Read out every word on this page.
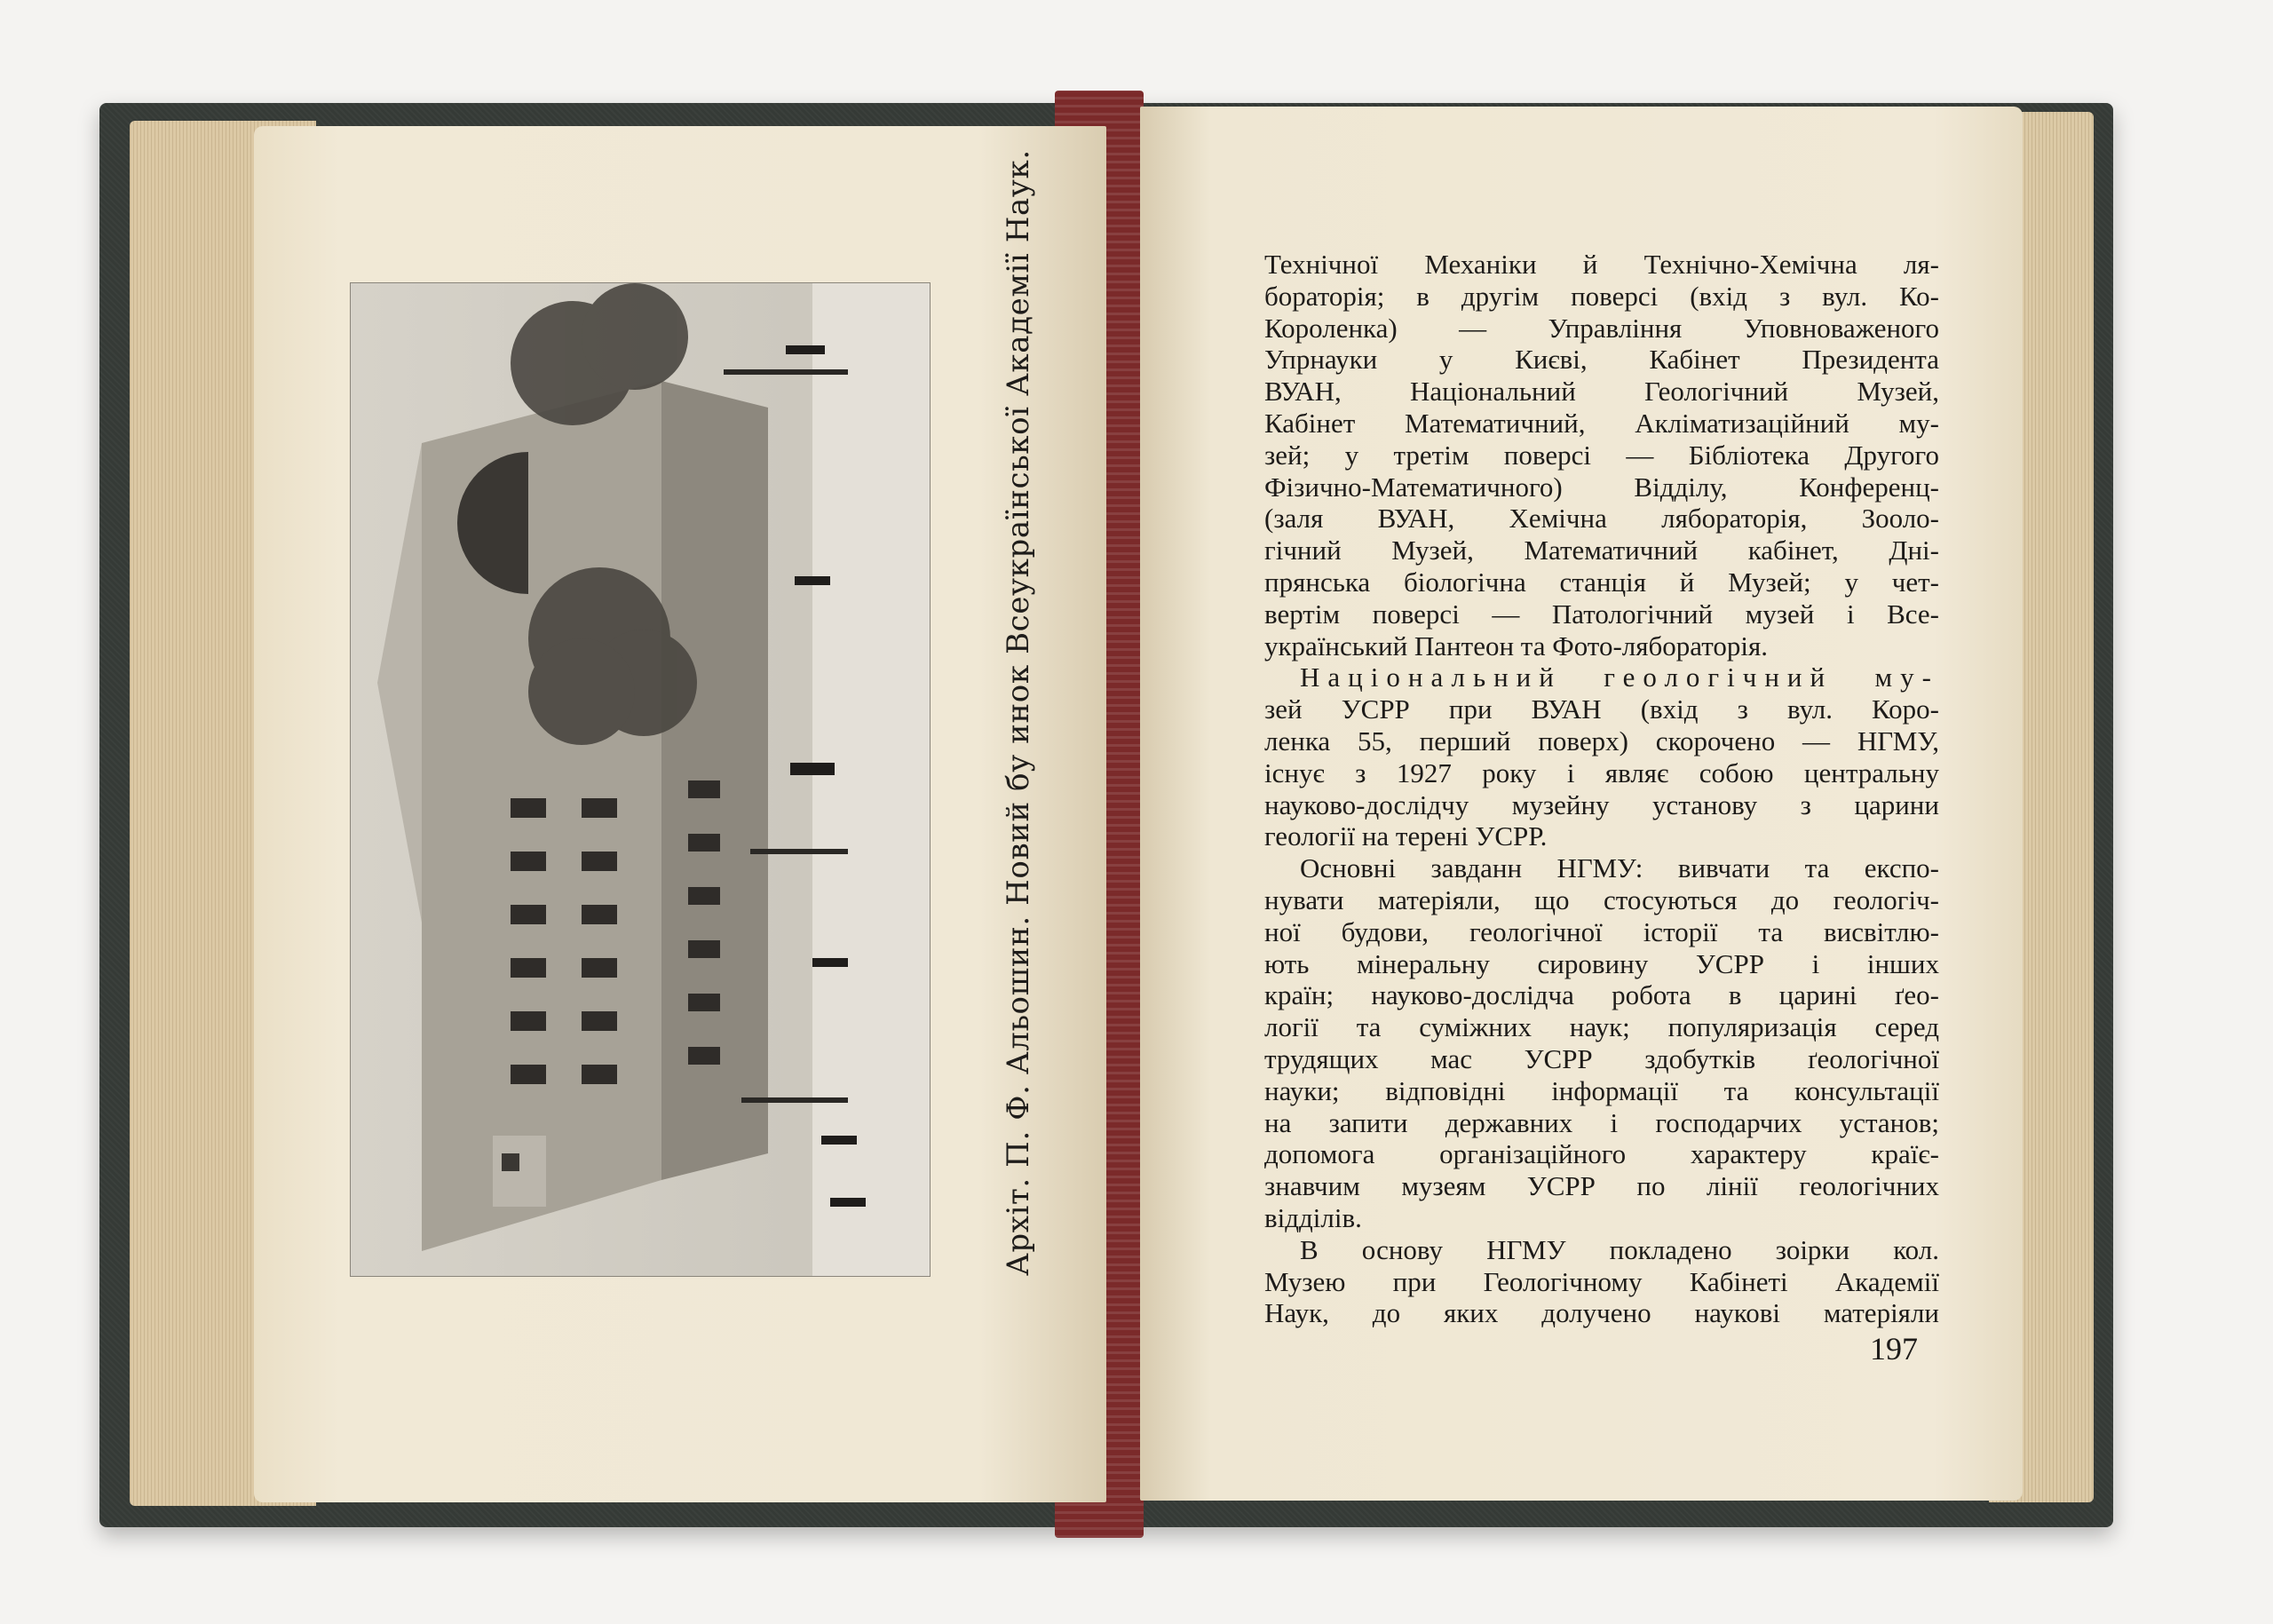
Архіт. П. Ф. Альошин. Новий бу инок Всеукраїнської Академії Наук.	Технічної Механіки й Технічно-Хемічна ля-
бораторія; в другім поверсі (вхід з вул. Ко-
Короленка) — Управління Уповноваженого
Упрнауки у Києві, Кабінет Президента
ВУАН, Національний Геологічний Музей,
Кабінет Математичний, Акліматизаційний му-
зей; у третім поверсі — Бібліотека Другого
Фізично-Математичного) Відділу, Конференц-
(заля ВУАН, Хемічна лябораторія, Зооло-
гічний Музей, Математичний кабінет, Дні-
прянська біологічна станція й Музей; у чет-
вертім поверсі — Патологічний музей і Все-
український Пантеон та Фото-лябораторія.

Національний геологічний му-
зей УСРР при ВУАН (вхід з вул. Коро-
ленка 55, перший поверх) скорочено — НГМУ,
існує з 1927 року і являє собою центральну
науково-дослідчу музейну установу з царини
геології на терені УСРР.

Основні завданн НГМУ: вивчати та експо-
нувати матеріяли, що стосуються до геологіч-
ної будови, геологічної історії та висвітлю-
ють мінеральну сировину УСРР і інших
країн; науково-дослідча робота в царині ґео-
логії та суміжних наук; популяризація серед
трудящих мас УСРР здобутків ґеологічної
науки; відповідні інформації та консультації
на запити державних і господарчих установ;
допомога організаційного характеру країє-
знавчим музеям УСРР по лінії геологічних
відділів.

В основу НГМУ покладено зоірки кол.
Музею при Геологічному Кабінеті Академії
Наук, до яких долучено наукові матеріяли

197
